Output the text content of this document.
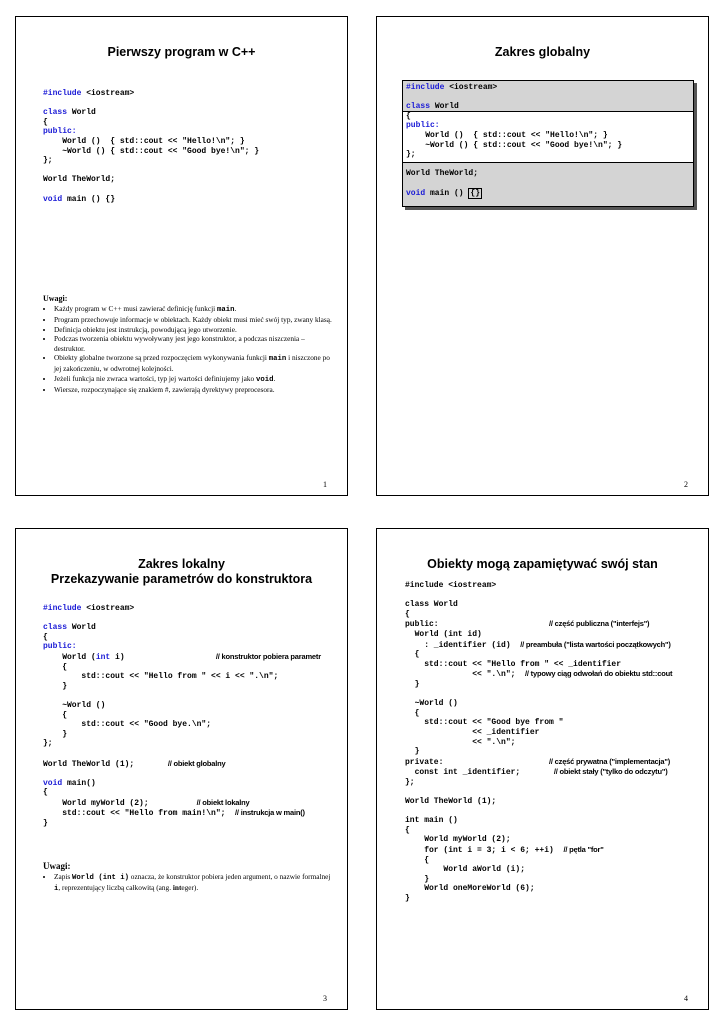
Pierwszy program w C++
#include <iostream>

class World
{
public:
World ()  { std::cout << "Hello!\n"; }
~World () { std::cout << "Good bye!\n"; }
};

World TheWorld;

void main () {}
Uwagi:
• Każdy program w C++ musi zawierać definicję funkcji main.
• Program przechowuje informacje w obiektach. Każdy obiekt musi mieć swój typ, zwany klasą.
• Definicja obiektu jest instrukcją, powodującą jego utworzenie.
• Podczas tworzenia obiektu wywoływany jest jego konstruktor, a podczas niszczenia – destruktor.
• Obiekty globalne tworzone są przed rozpoczęciem wykonywania funkcji main i niszczone po jej zakończeniu, w odwrotnej kolejności.
• Jeżeli funkcja nie zwraca wartości, typ jej wartości definiujemy jako void.
• Wiersze, rozpoczynające się znakiem #, zawierają dyrektywy preprocesora.
1
Zakres globalny
#include <iostream>

class World
{
public:
World ()  { std::cout << "Hello!\n"; }
~World () { std::cout << "Good bye!\n"; }
};

World TheWorld;

void main () {}
2
Zakres lokalny
Przekazywanie parametrów do konstruktora
#include <iostream>

class World
{
public:
World (int i)	// konstruktor pobiera parametr
{
std::cout << "Hello from " << i << ".\n";
}

~World ()
{
std::cout << "Good bye.\n";
}
};

World TheWorld (1);	// obiekt globalny

void main()
{
World myWorld (2);	// obiekt lokalny
std::cout << "Hello from main!\n"; // instrukcja w main()
}
Uwagi:
• Zapis World (int i) oznacza, że konstruktor pobiera jeden argument, o nazwie formalnej i, reprezentujący liczbą całkowitą (ang. integer).
3
Obiekty mogą zapamiętywać swój stan
#include <iostream>

class World
{
public:	// część publiczna ("interfejs")
World (int id)
: _identifier (id) // preambuła ("lista wartości początkowych")
{
std::cout << "Hello from " << _identifier
<< ".\n"; // typowy ciąg odwołań do obiektu std::cout
}

~World ()
{
std::cout << "Good bye from "
<< _identifier
<< ".\n";
}
private:	// część prywatna ("implementacja")
const int _identifier;	// obiekt stały ("tylko do odczytu")
};

World TheWorld (1);

int main ()
{
World myWorld (2);
for (int i = 3; i < 6; ++i) // pętla "for"
{
World aWorld (i);
}
World oneMoreWorld (6);
}
4
